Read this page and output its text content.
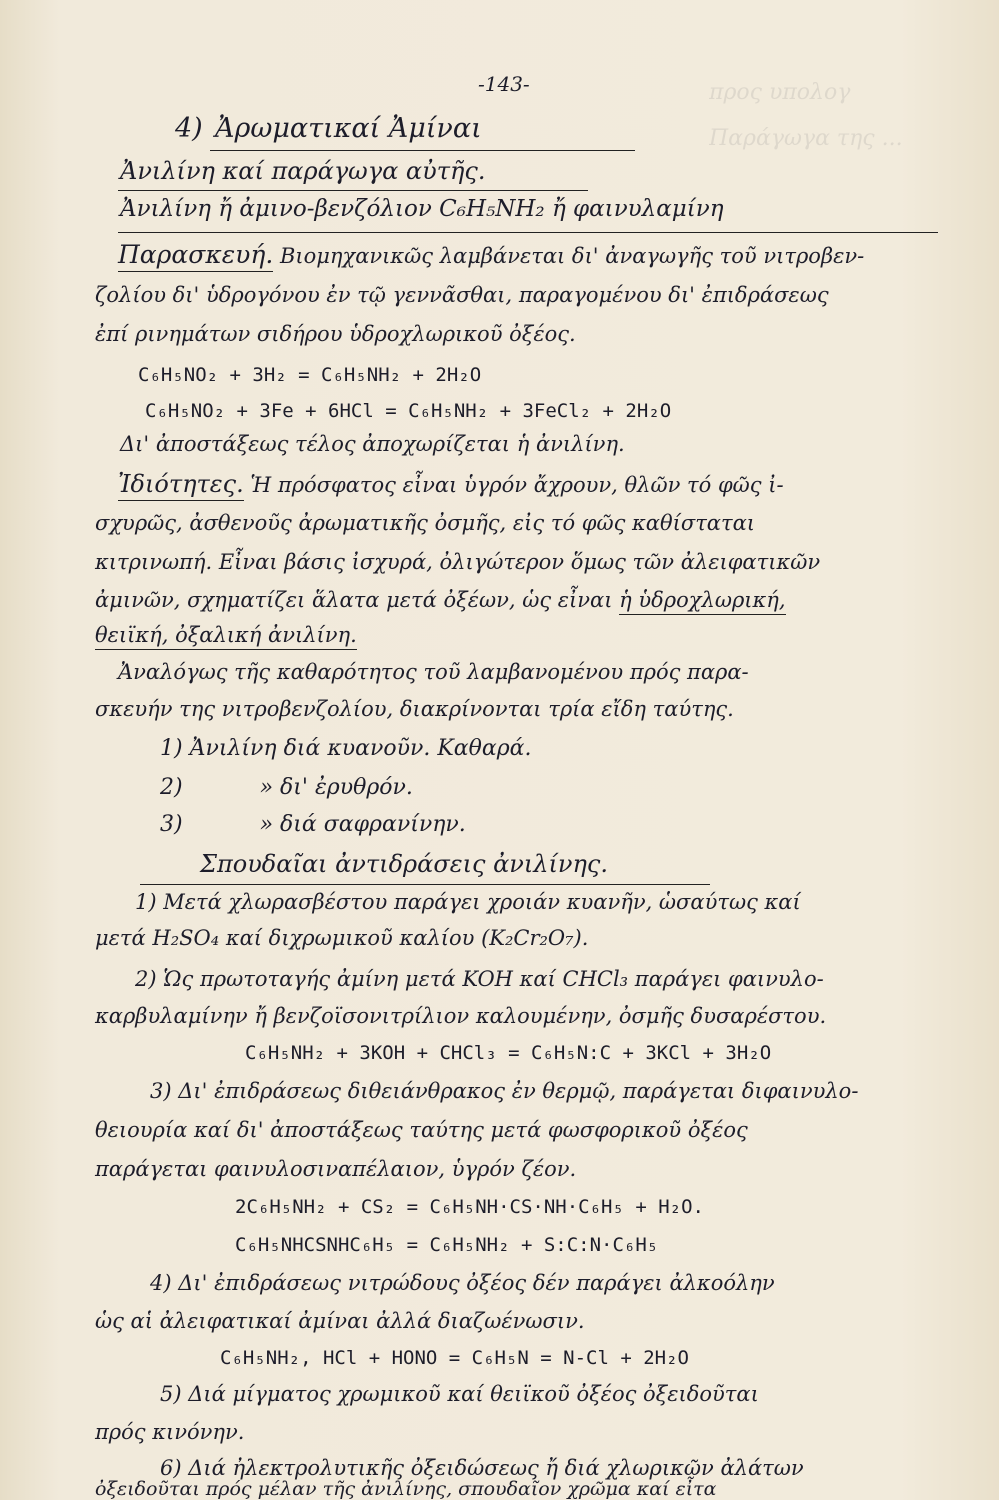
προς υπολογ
Παράγωγα της ...
-143-
4) Ἀρωματικαί Ἀμίναι
Ἀνιλίνη καί παράγωγα αὐτῆς.
Ἀνιλίνη ἤ ἀμινο-βενζόλιον C₆H₅NH₂ ἤ φαινυλαμίνη
Παρασκευή. Βιομηχανικῶς λαμβάνεται δι' ἀναγωγῆς τοῦ νιτροβεν-
ζολίου δι' ὑδρογόνου ἐν τῷ γεννᾶσθαι, παραγομένου δι' ἐπιδράσεως
ἐπί ρινημάτων σιδήρου ὑδροχλωρικοῦ ὀξέος.
C₆H₅NO₂ + 3H₂ = C₆H₅NH₂ + 2H₂O
C₆H₅NO₂ + 3Fe + 6HCl = C₆H₅NH₂ + 3FeCl₂ + 2H₂O
Δι' ἀποστάξεως τέλος ἀποχωρίζεται ἡ ἀνιλίνη.
Ἰδιότητες. Ἡ πρόσφατος εἶναι ὑγρόν ἄχρουν, θλῶν τό φῶς ἰ-
σχυρῶς, ἀσθενοῦς ἀρωματικῆς ὀσμῆς, εἰς τό φῶς καθίσταται
κιτρινωπή. Εἶναι βάσις ἰσχυρά, ὀλιγώτερον ὅμως τῶν ἀλειφατικῶν
ἀμινῶν, σχηματίζει ἅλατα μετά ὀξέων, ὡς εἶναι ἡ ὑδροχλωρική,
θειϊκή, ὀξαλική ἀνιλίνη.
Ἀναλόγως τῆς καθαρότητος τοῦ λαμβανομένου πρός παρα-
σκευήν της νιτροβενζολίου, διακρίνονται τρία εἴδη ταύτης.
1) Ἀνιλίνη διά κυανοῦν. Καθαρά.
2)	» δι' ἐρυθρόν.
3)	» διά σαφρανίνην.
Σπουδαῖαι ἀντιδράσεις ἀνιλίνης.
1) Μετά χλωρασβέστου παράγει χροιάν κυανῆν, ὡσαύτως καί
μετά H₂SO₄ καί διχρωμικοῦ καλίου (K₂Cr₂O₇).
2) Ὡς πρωτοταγής ἀμίνη μετά KOH καί CHCl₃ παράγει φαινυλο-
καρβυλαμίνην ἤ βενζοϊσονιτρίλιον καλουμένην, ὀσμῆς δυσαρέστου.
C₆H₅NH₂ + 3KOH + CHCl₃ = C₆H₅N:C + 3KCl + 3H₂O
3) Δι' ἐπιδράσεως διθειάνθρακος ἐν θερμῷ, παράγεται διφαινυλο-
θειουρία καί δι' ἀποστάξεως ταύτης μετά φωσφορικοῦ ὀξέος
παράγεται φαινυλοσιναπέλαιον, ὑγρόν ζέον.
2C₆H₅NH₂ + CS₂ = C₆H₅NH·CS·NH·C₆H₅ + H₂O.
C₆H₅NHCSNHC₆H₅ = C₆H₅NH₂ + S:C:N·C₆H₅
4) Δι' ἐπιδράσεως νιτρώδους ὀξέος δέν παράγει ἀλκοόλην
ὡς αἱ ἀλειφατικαί ἀμίναι ἀλλά διαζωένωσιν.
C₆H₅NH₂, HCl + HONO = C₆H₅N = N-Cl + 2H₂O
5) Διά μίγματος χρωμικοῦ καί θειϊκοῦ ὀξέος ὀξειδοῦται
πρός κινόνην.
6) Διά ἠλεκτρολυτικῆς ὀξειδώσεως ἤ διά χλωρικῶν ἀλάτων
ὀξειδοῦται πρός μέλαν τῆς ἀνιλίνης, σπουδαῖον χρῶμα καί εἶτα
